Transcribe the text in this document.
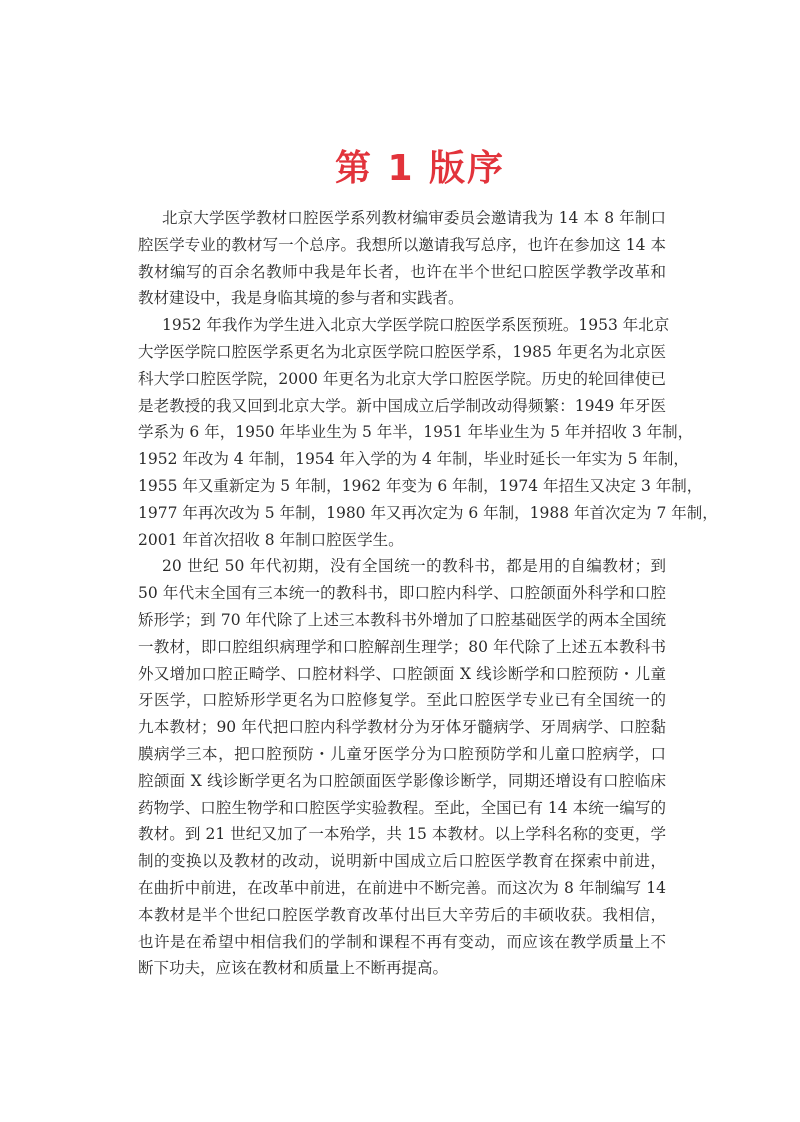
第 1 版序
北京大学医学教材口腔医学系列教材编审委员会邀请我为 14 本 8 年制口
腔医学专业的教材写一个总序。我想所以邀请我写总序，也许在参加这 14 本
教材编写的百余名教师中我是年长者，也许在半个世纪口腔医学教学改革和
教材建设中，我是身临其境的参与者和实践者。
1952 年我作为学生进入北京大学医学院口腔医学系医预班。1953 年北京
大学医学院口腔医学系更名为北京医学院口腔医学系，1985 年更名为北京医
科大学口腔医学院，2000 年更名为北京大学口腔医学院。历史的轮回律使已
是老教授的我又回到北京大学。新中国成立后学制改动得频繁：1949 年牙医
学系为 6 年，1950 年毕业生为 5 年半，1951 年毕业生为 5 年并招收 3 年制，
1952 年改为 4 年制，1954 年入学的为 4 年制，毕业时延长一年实为 5 年制，
1955 年又重新定为 5 年制，1962 年变为 6 年制，1974 年招生又决定 3 年制，
1977 年再次改为 5 年制，1980 年又再次定为 6 年制，1988 年首次定为 7 年制，
2001 年首次招收 8 年制口腔医学生。
20 世纪 50 年代初期，没有全国统一的教科书，都是用的自编教材；到
50 年代末全国有三本统一的教科书，即口腔内科学、口腔颌面外科学和口腔
矫形学；到 70 年代除了上述三本教科书外增加了口腔基础医学的两本全国统
一教材，即口腔组织病理学和口腔解剖生理学；80 年代除了上述五本教科书
外又增加口腔正畸学、口腔材料学、口腔颌面 X 线诊断学和口腔预防・儿童
牙医学，口腔矫形学更名为口腔修复学。至此口腔医学专业已有全国统一的
九本教材；90 年代把口腔内科学教材分为牙体牙髓病学、牙周病学、口腔黏
膜病学三本，把口腔预防・儿童牙医学分为口腔预防学和儿童口腔病学，口
腔颌面 X 线诊断学更名为口腔颌面医学影像诊断学，同期还增设有口腔临床
药物学、口腔生物学和口腔医学实验教程。至此，全国已有 14 本统一编写的
教材。到 21 世纪又加了一本殆学，共 15 本教材。以上学科名称的变更，学
制的变换以及教材的改动，说明新中国成立后口腔医学教育在探索中前进，
在曲折中前进，在改革中前进，在前进中不断完善。而这次为 8 年制编写 14
本教材是半个世纪口腔医学教育改革付出巨大辛劳后的丰硕收获。我相信，
也许是在希望中相信我们的学制和课程不再有变动，而应该在教学质量上不
断下功夫，应该在教材和质量上不断再提高。
